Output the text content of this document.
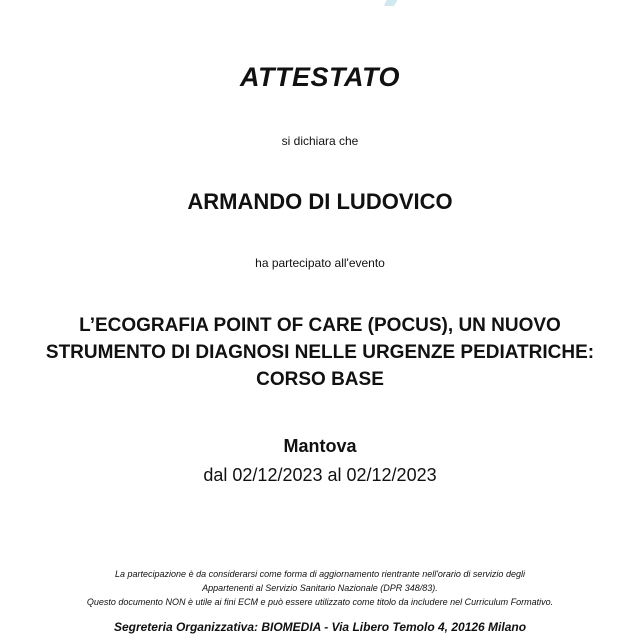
ATTESTATO
si dichiara che
ARMANDO DI LUDOVICO
ha partecipato all'evento
L’ECOGRAFIA POINT OF CARE (POCUS), UN NUOVO
STRUMENTO DI DIAGNOSI NELLE URGENZE PEDIATRICHE:
CORSO BASE
Mantova
dal 02/12/2023 al 02/12/2023
La partecipazione è da considerarsi come forma di aggiornamento rientrante nell'orario di servizio degli
Appartenenti al Servizio Sanitario Nazionale (DPR 348/83).
Questo documento NON è utile ai fini ECM e può essere utilizzato come titolo da includere nel Curriculum Formativo.
Segreteria Organizzativa: BIOMEDIA - Via Libero Temolo 4, 20126 Milano
